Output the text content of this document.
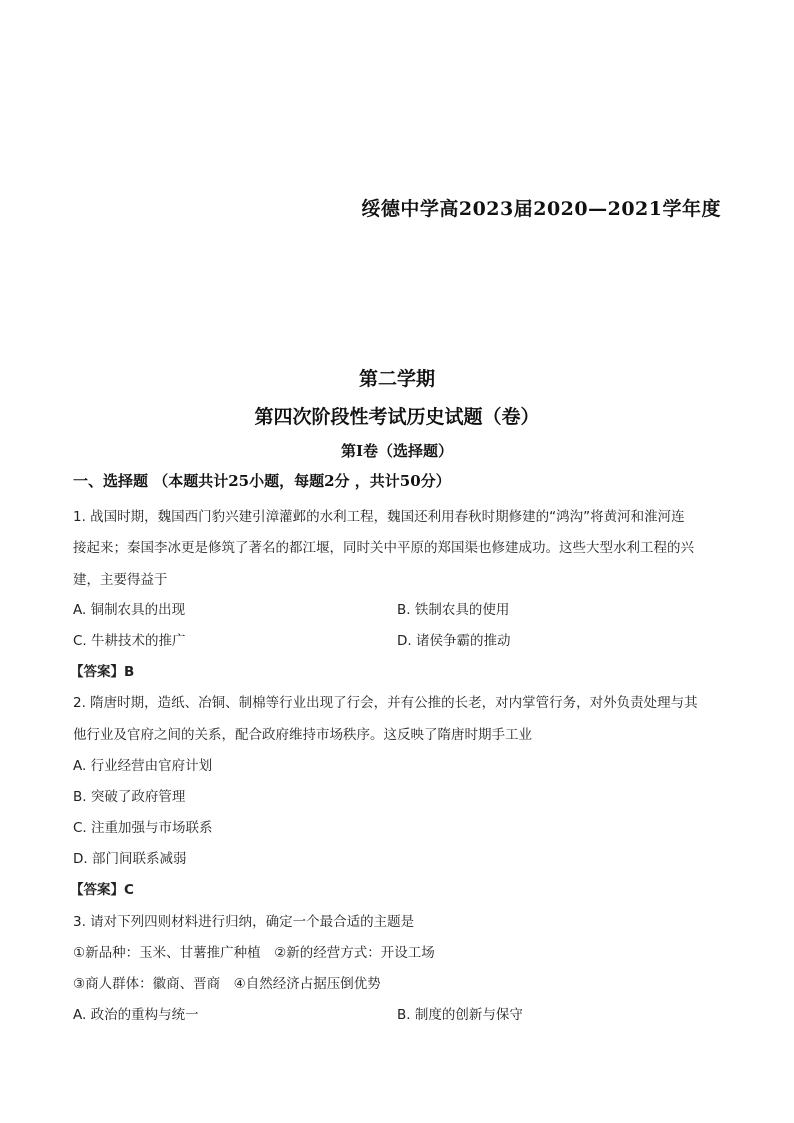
绥德中学高2023届2020—2021学年度
第二学期
第四次阶段性考试历史试题（卷）
第I卷（选择题）
一、选择题 （本题共计25小题，每题2分 ，共计50分）
1. 战国时期，魏国西门豹兴建引漳灌邺的水利工程，魏国还利用春秋时期修建的“鸿沟”将黄河和淮河连
接起来；秦国李冰更是修筑了著名的都江堰，同时关中平原的郑国渠也修建成功。这些大型水利工程的兴
建，主要得益于
A. 铜制农具的出现	B. 铁制农具的使用
C. 牛耕技术的推广	D. 诸侯争霸的推动
【答案】B
2. 隋唐时期，造纸、冶铜、制棉等行业出现了行会，并有公推的长老，对内掌管行务，对外负责处理与其
他行业及官府之间的关系，配合政府维持市场秩序。这反映了隋唐时期手工业
A. 行业经营由官府计划
B. 突破了政府管理
C. 注重加强与市场联系
D. 部门间联系减弱
【答案】C
3. 请对下列四则材料进行归纳，确定一个最合适的主题是
①新品种：玉米、甘薯推广种植　②新的经营方式：开设工场
③商人群体：徽商、晋商　④自然经济占据压倒优势
A. 政治的重构与统一	B. 制度的创新与保守
